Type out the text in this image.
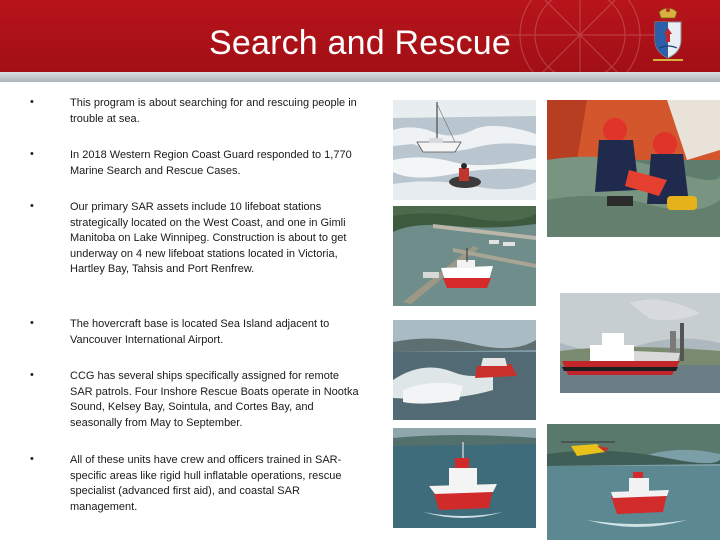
Search and Rescue
•	This program is about searching for and rescuing people in trouble at sea.
•	In 2018 Western Region Coast Guard responded to 1,770 Marine Search and Rescue Cases.
•	Our primary SAR assets include 10 lifeboat stations strategically located on the West Coast, and one in Gimli Manitoba on Lake Winnipeg. Construction is about to get underway on 4 new lifeboat stations located in Victoria, Hartley Bay, Tahsis and Port Renfrew.
•	The hovercraft base is located Sea Island adjacent to Vancouver International Airport.
•	CCG has several ships specifically assigned for remote SAR patrols. Four Inshore Rescue Boats operate in Nootka Sound, Kelsey Bay, Sointula, and Cortes Bay, and seasonally from May to September.
•	All of these units have crew and officers trained in SAR-specific areas like rigid hull inflatable operations, rescue specialist (advanced first aid), and coastal SAR management.
